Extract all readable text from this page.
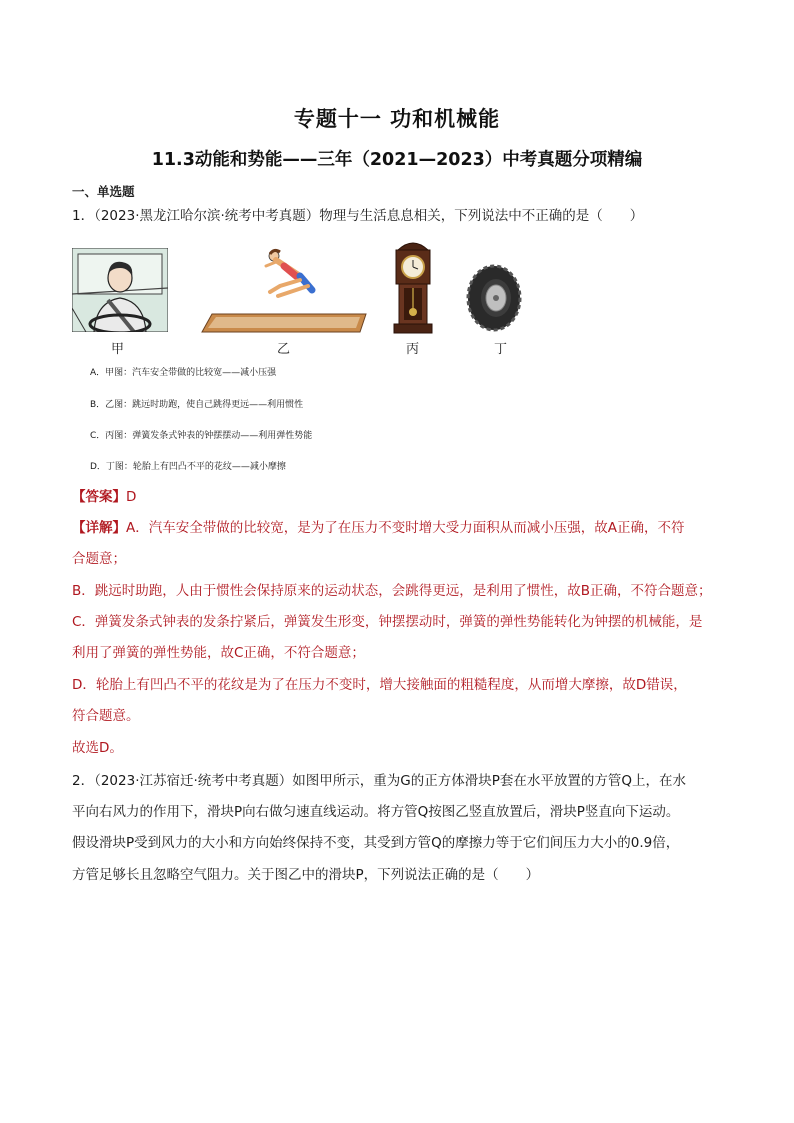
专题十一 功和机械能
11.3动能和势能——三年（2021—2023）中考真题分项精编
一、单选题
1．（2023·黑龙江哈尔滨·统考中考真题）物理与生活息息相关，下列说法中不正确的是（　　）
甲	乙	丙	丁
A．甲图：汽车安全带做的比较宽——减小压强
B．乙图：跳远时助跑，使自己跳得更远——利用惯性
C．丙图：弹簧发条式钟表的钟摆摆动——利用弹性势能
D．丁图：轮胎上有凹凸不平的花纹——减小摩擦
【答案】D
【详解】A．汽车安全带做的比较宽，是为了在压力不变时增大受力面积从而减小压强，故A正确，不符
合题意；
B．跳远时助跑，人由于惯性会保持原来的运动状态，会跳得更远，是利用了惯性，故B正确，不符合题意；
C．弹簧发条式钟表的发条拧紧后，弹簧发生形变，钟摆摆动时，弹簧的弹性势能转化为钟摆的机械能，是
利用了弹簧的弹性势能，故C正确，不符合题意；
D．轮胎上有凹凸不平的花纹是为了在压力不变时，增大接触面的粗糙程度，从而增大摩擦，故D错误，
符合题意。
故选D。
2．（2023·江苏宿迁·统考中考真题）如图甲所示，重为G的正方体滑块P套在水平放置的方管Q上，在水
平向右风力的作用下，滑块P向右做匀速直线运动。将方管Q按图乙竖直放置后，滑块P竖直向下运动。
假设滑块P受到风力的大小和方向始终保持不变，其受到方管Q的摩擦力等于它们间压力大小的0.9倍，
方管足够长且忽略空气阻力。关于图乙中的滑块P，下列说法正确的是（　　）
